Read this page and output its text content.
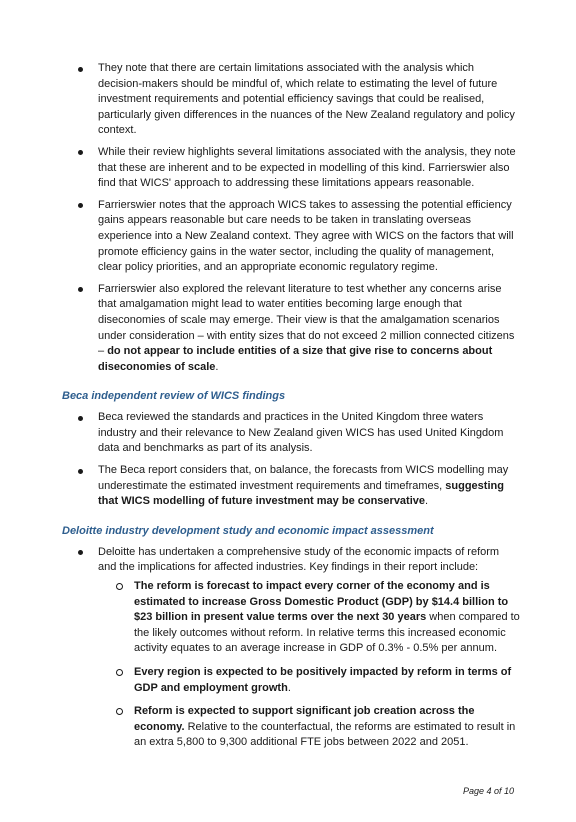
They note that there are certain limitations associated with the analysis which decision-makers should be mindful of, which relate to estimating the level of future investment requirements and potential efficiency savings that could be realised, particularly given differences in the nuances of the New Zealand regulatory and policy context.
While their review highlights several limitations associated with the analysis, they note that these are inherent and to be expected in modelling of this kind. Farrierswier also find that WICS' approach to addressing these limitations appears reasonable.
Farrierswier notes that the approach WICS takes to assessing the potential efficiency gains appears reasonable but care needs to be taken in translating overseas experience into a New Zealand context. They agree with WICS on the factors that will promote efficiency gains in the water sector, including the quality of management, clear policy priorities, and an appropriate economic regulatory regime.
Farrierswier also explored the relevant literature to test whether any concerns arise that amalgamation might lead to water entities becoming large enough that diseconomies of scale may emerge. Their view is that the amalgamation scenarios under consideration – with entity sizes that do not exceed 2 million connected citizens – do not appear to include entities of a size that give rise to concerns about diseconomies of scale.
Beca independent review of WICS findings
Beca reviewed the standards and practices in the United Kingdom three waters industry and their relevance to New Zealand given WICS has used United Kingdom data and benchmarks as part of its analysis.
The Beca report considers that, on balance, the forecasts from WICS modelling may underestimate the estimated investment requirements and timeframes, suggesting that WICS modelling of future investment may be conservative.
Deloitte industry development study and economic impact assessment
Deloitte has undertaken a comprehensive study of the economic impacts of reform and the implications for affected industries. Key findings in their report include:
The reform is forecast to impact every corner of the economy and is estimated to increase Gross Domestic Product (GDP) by $14.4 billion to $23 billion in present value terms over the next 30 years when compared to the likely outcomes without reform. In relative terms this increased economic activity equates to an average increase in GDP of 0.3% - 0.5% per annum.
Every region is expected to be positively impacted by reform in terms of GDP and employment growth.
Reform is expected to support significant job creation across the economy. Relative to the counterfactual, the reforms are estimated to result in an extra 5,800 to 9,300 additional FTE jobs between 2022 and 2051.
Page 4 of 10
